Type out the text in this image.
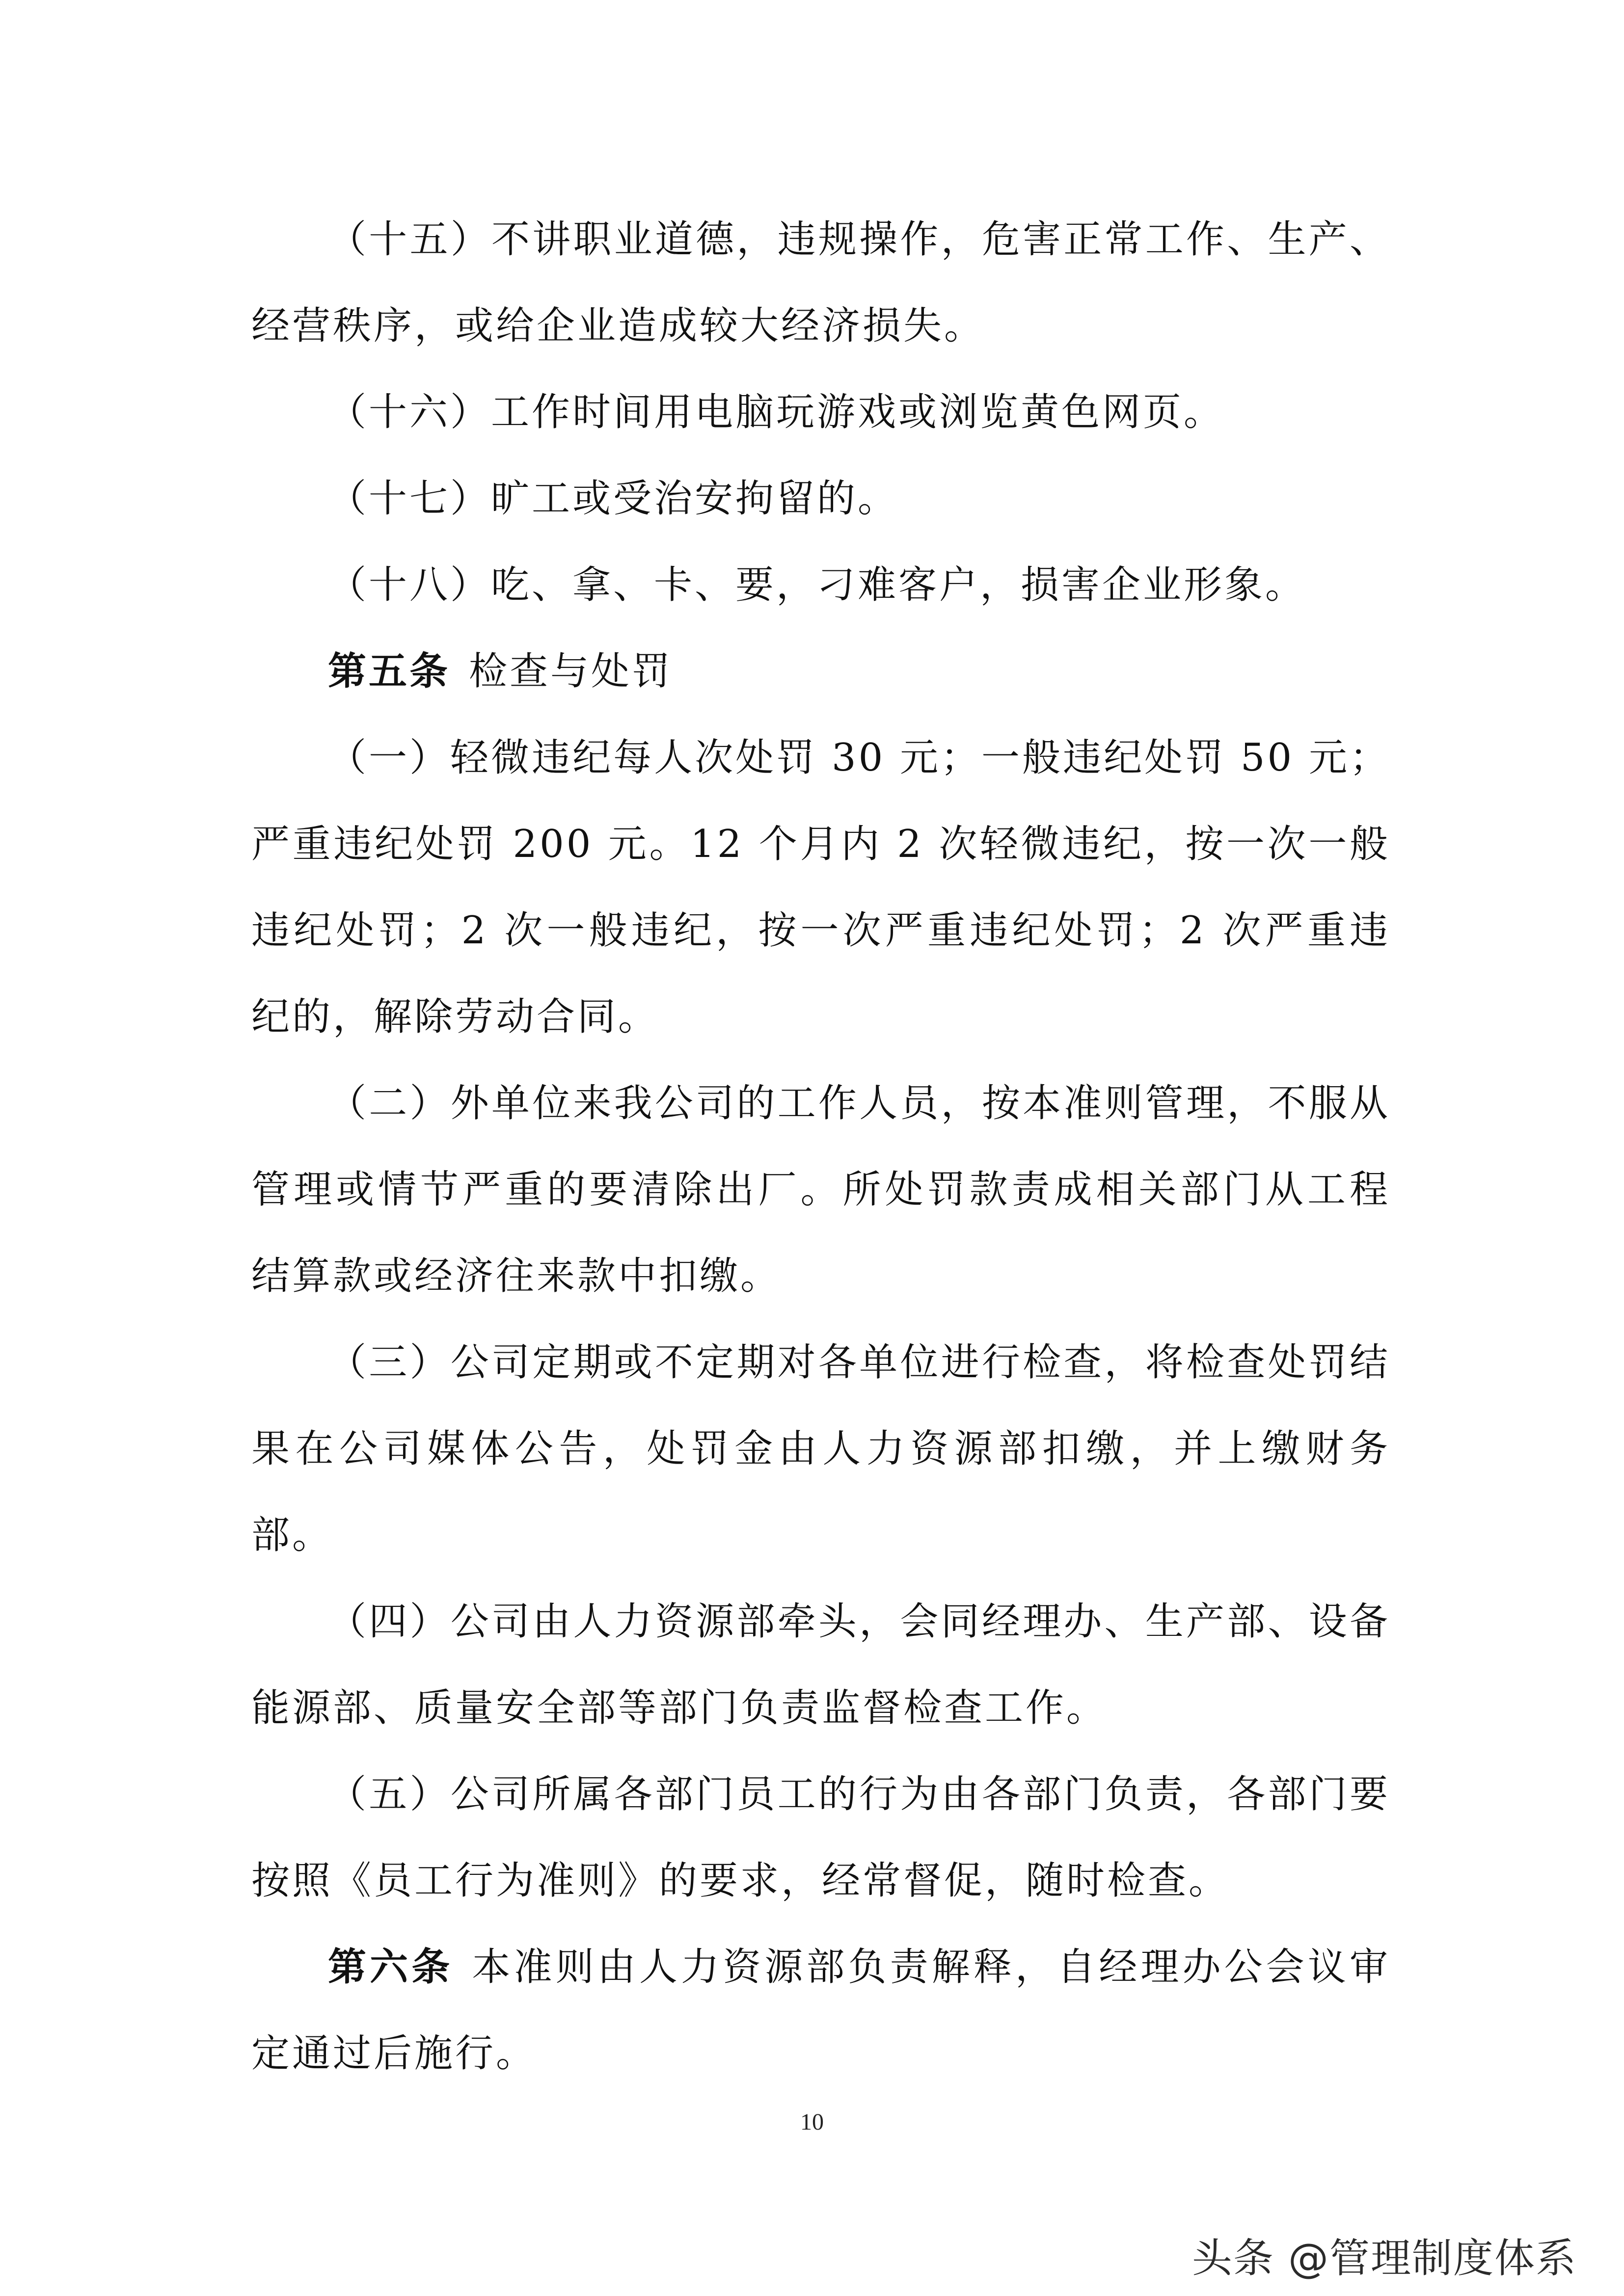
（十五）不讲职业道德，违规操作，危害正常工作、生产、经营秩序，或给企业造成较大经济损失。

（十六）工作时间用电脑玩游戏或浏览黄色网页。

（十七）旷工或受治安拘留的。

（十八）吃、拿、卡、要，刁难客户，损害企业形象。

第五条 检查与处罚

（一）轻微违纪每人次处罚 30 元；一般违纪处罚 50 元；严重违纪处罚 200 元。12 个月内 2 次轻微违纪，按一次一般违纪处罚；2 次一般违纪，按一次严重违纪处罚；2 次严重违纪的，解除劳动合同。

（二）外单位来我公司的工作人员，按本准则管理，不服从管理或情节严重的要清除出厂。所处罚款责成相关部门从工程结算款或经济往来款中扣缴。

（三）公司定期或不定期对各单位进行检查，将检查处罚结果在公司媒体公告，处罚金由人力资源部扣缴，并上缴财务部。

（四）公司由人力资源部牵头，会同经理办、生产部、设备能源部、质量安全部等部门负责监督检查工作。

（五）公司所属各部门员工的行为由各部门负责，各部门要按照《员工行为准则》的要求，经常督促，随时检查。

第六条 本准则由人力资源部负责解释，自经理办公会议审定通过后施行。

10
头条 @管理制度体系
